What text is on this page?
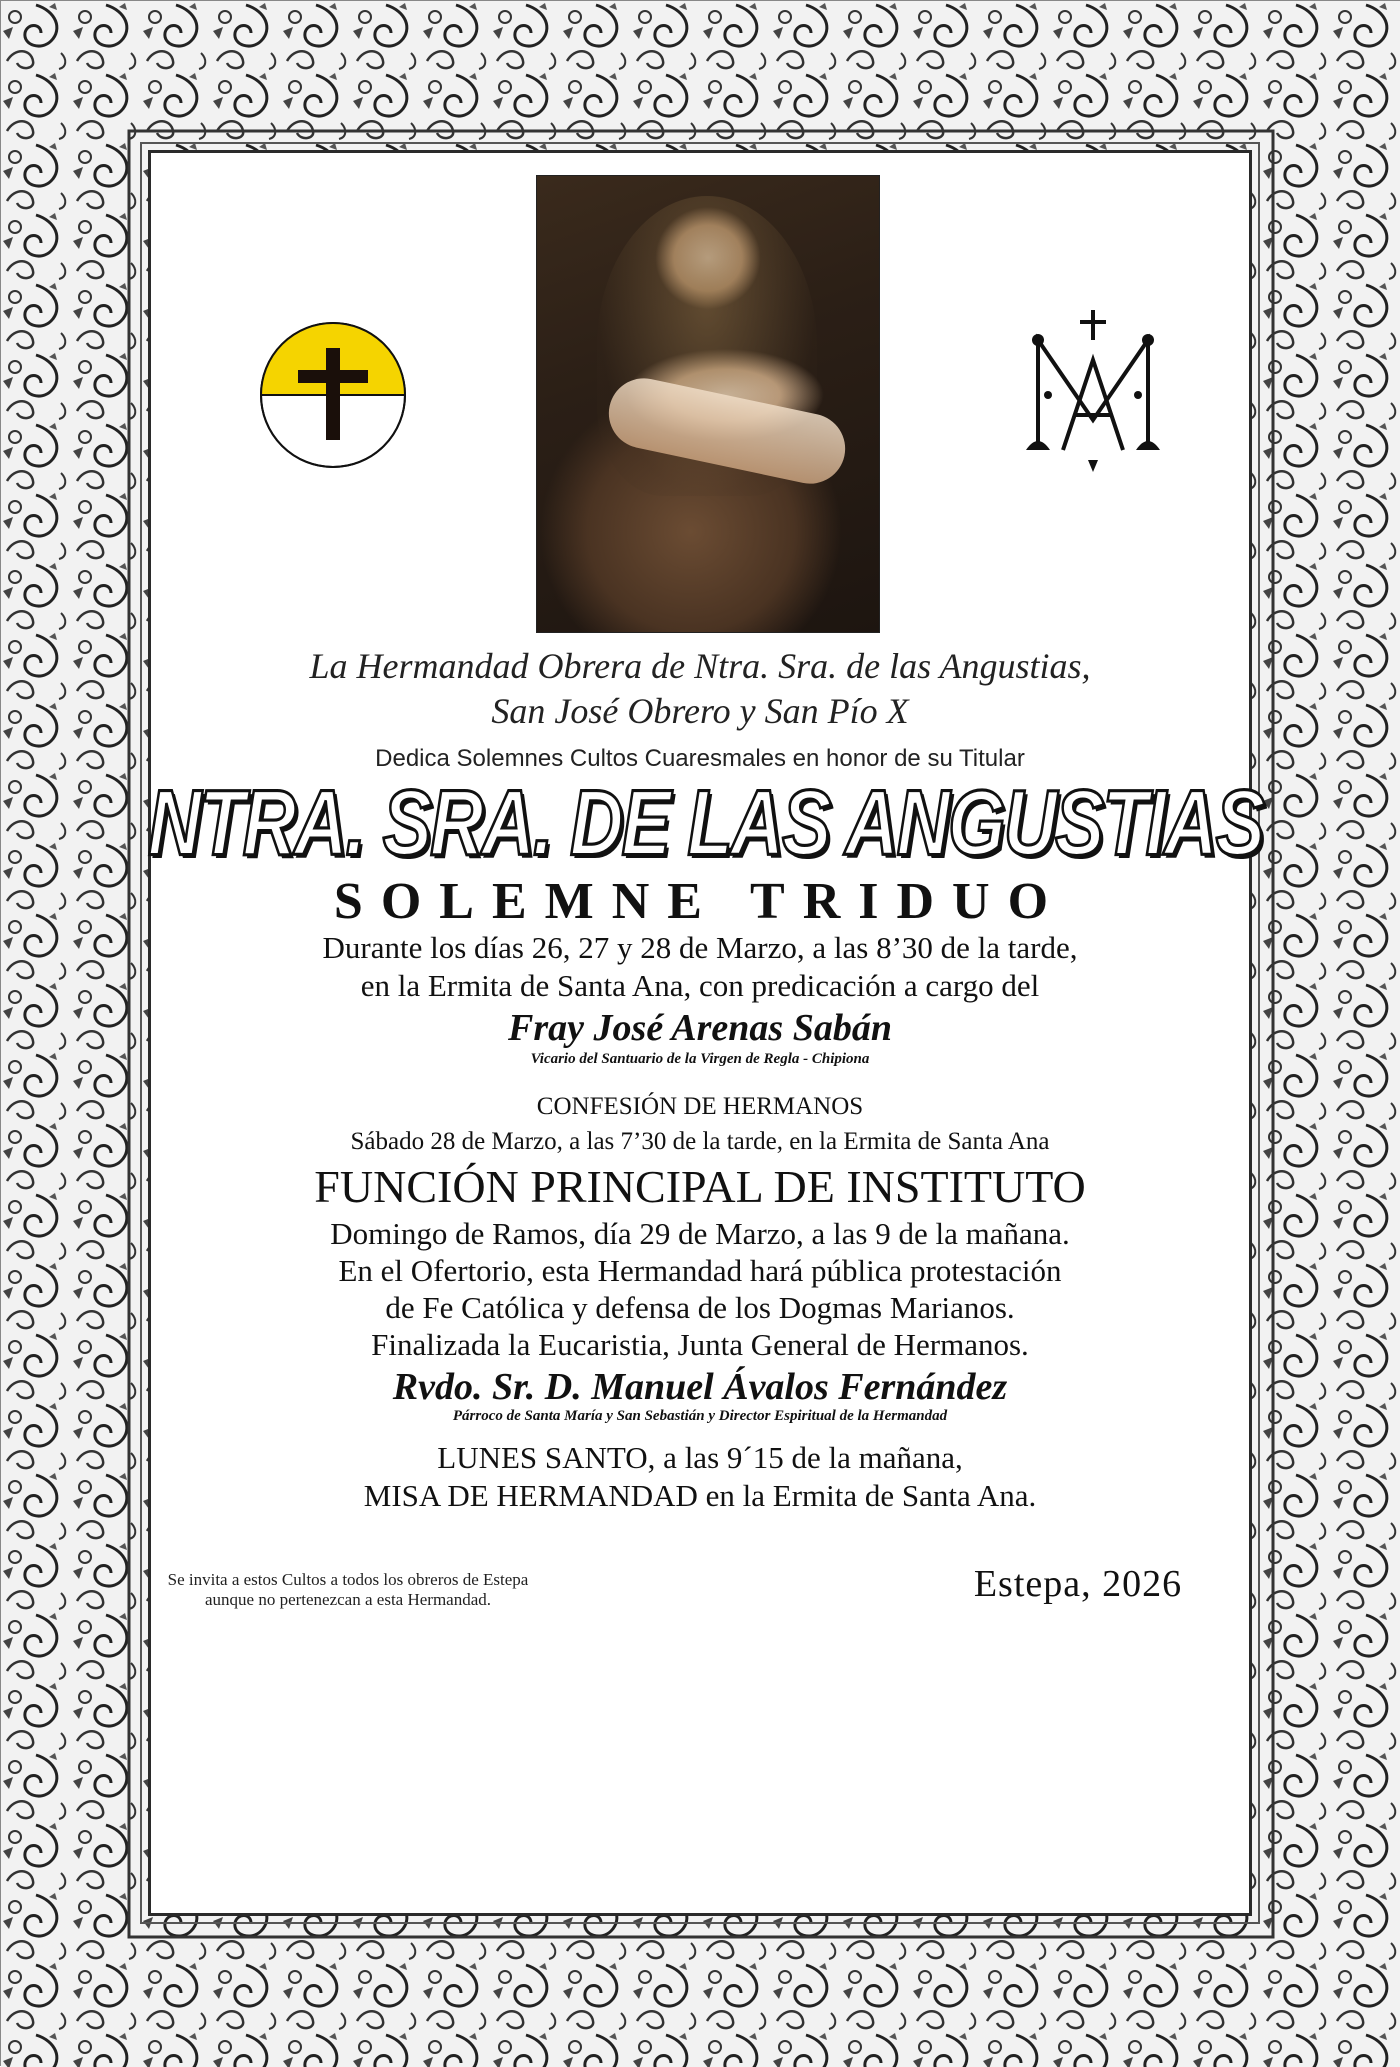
La Hermandad Obrera de Ntra. Sra. de las Angustias,
San José Obrero y San Pío X
Dedica Solemnes Cultos Cuaresmales en honor de su Titular
NTRA. SRA. DE LAS ANGUSTIAS
SOLEMNE TRIDUO
Durante los días 26, 27 y 28 de Marzo, a las 8’30 de la tarde,
en la Ermita de Santa Ana, con predicación a cargo del
Fray José Arenas Sabán
Vicario del Santuario de la Virgen de Regla - Chipiona
CONFESIÓN DE HERMANOS
Sábado 28 de Marzo, a las 7’30 de la tarde, en la Ermita de Santa Ana
FUNCIÓN PRINCIPAL DE INSTITUTO
Domingo de Ramos, día 29 de Marzo, a las 9 de la mañana.
En el Ofertorio, esta Hermandad hará pública protestación
de Fe Católica y defensa de los Dogmas Marianos.
Finalizada la Eucaristia, Junta General de Hermanos.
Rvdo. Sr. D. Manuel Ávalos Fernández
Párroco de Santa María y San Sebastián y Director Espiritual de la Hermandad
LUNES SANTO, a las 9´15 de la mañana,
MISA DE HERMANDAD en la Ermita de Santa Ana.
Se invita a estos Cultos a todos los obreros de Estepa
aunque no pertenezcan a esta Hermandad.	Estepa, 2026
